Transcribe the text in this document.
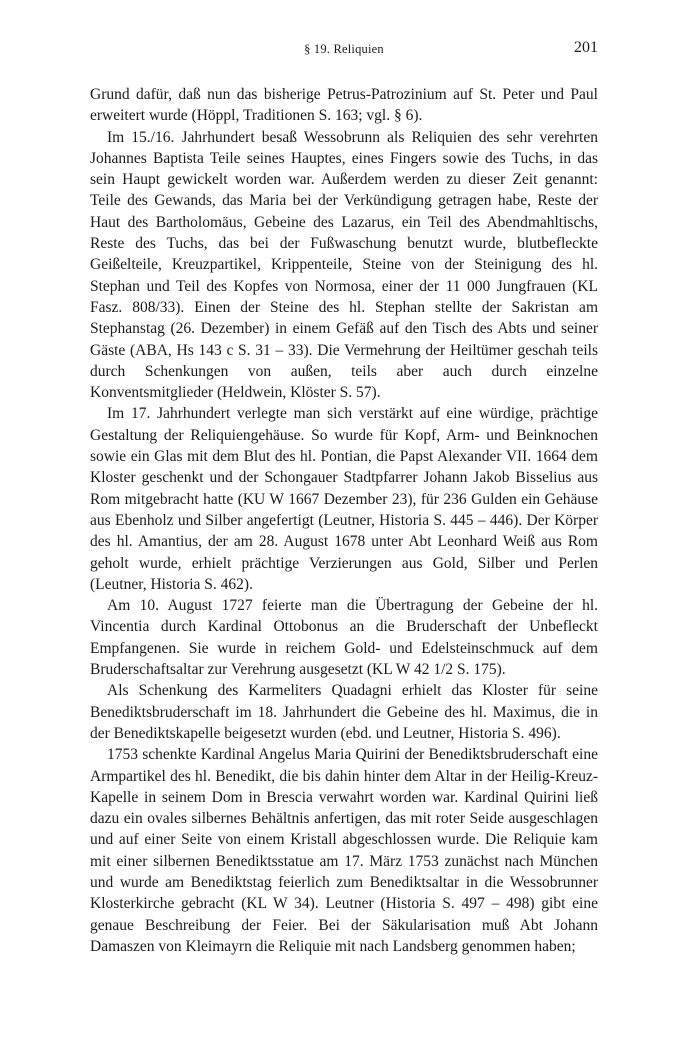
§ 19. Reliquien	201

Grund dafür, daß nun das bisherige Petrus-Patrozinium auf St. Peter und Paul erweitert wurde (Höppl, Traditionen S. 163; vgl. § 6).

Im 15./16. Jahrhundert besaß Wessobrunn als Reliquien des sehr verehrten Johannes Baptista Teile seines Hauptes, eines Fingers sowie des Tuchs, in das sein Haupt gewickelt worden war. Außerdem werden zu dieser Zeit genannt: Teile des Gewands, das Maria bei der Verkündigung getragen habe, Reste der Haut des Bartholomäus, Gebeine des Lazarus, ein Teil des Abendmahltischs, Reste des Tuchs, das bei der Fußwaschung benutzt wurde, blutbefleckte Geißelteile, Kreuzpartikel, Krippenteile, Steine von der Steinigung des hl. Stephan und Teil des Kopfes von Normosa, einer der 11 000 Jungfrauen (KL Fasz. 808/33). Einen der Steine des hl. Stephan stellte der Sakristan am Stephanstag (26. Dezember) in einem Gefäß auf den Tisch des Abts und seiner Gäste (ABA, Hs 143 c S. 31 – 33). Die Vermehrung der Heiltümer geschah teils durch Schenkungen von außen, teils aber auch durch einzelne Konventsmitglieder (Heldwein, Klöster S. 57).

Im 17. Jahrhundert verlegte man sich verstärkt auf eine würdige, prächtige Gestaltung der Reliquiengehäuse. So wurde für Kopf, Arm- und Beinknochen sowie ein Glas mit dem Blut des hl. Pontian, die Papst Alexander VII. 1664 dem Kloster geschenkt und der Schongauer Stadtpfarrer Johann Jakob Bisselius aus Rom mitgebracht hatte (KU W 1667 Dezember 23), für 236 Gulden ein Gehäuse aus Ebenholz und Silber angefertigt (Leutner, Historia S. 445 – 446). Der Körper des hl. Amantius, der am 28. August 1678 unter Abt Leonhard Weiß aus Rom geholt wurde, erhielt prächtige Verzierungen aus Gold, Silber und Perlen (Leutner, Historia S. 462).

Am 10. August 1727 feierte man die Übertragung der Gebeine der hl. Vincentia durch Kardinal Ottobonus an die Bruderschaft der Unbefleckt Empfangenen. Sie wurde in reichem Gold- und Edelsteinschmuck auf dem Bruderschaftsaltar zur Verehrung ausgesetzt (KL W 42 1/2 S. 175).

Als Schenkung des Karmeliters Quadagni erhielt das Kloster für seine Benediktsbruderschaft im 18. Jahrhundert die Gebeine des hl. Maximus, die in der Benediktskapelle beigesetzt wurden (ebd. und Leutner, Historia S. 496).

1753 schenkte Kardinal Angelus Maria Quirini der Benediktsbruderschaft eine Armpartikel des hl. Benedikt, die bis dahin hinter dem Altar in der Heilig-Kreuz-Kapelle in seinem Dom in Brescia verwahrt worden war. Kardinal Quirini ließ dazu ein ovales silbernes Behältnis anfertigen, das mit roter Seide ausgeschlagen und auf einer Seite von einem Kristall abgeschlossen wurde. Die Reliquie kam mit einer silbernen Benediktsstatue am 17. März 1753 zunächst nach München und wurde am Benediktstag feierlich zum Benediktsaltar in die Wessobrunner Klosterkirche gebracht (KL W 34). Leutner (Historia S. 497 – 498) gibt eine genaue Beschreibung der Feier. Bei der Säkularisation muß Abt Johann Damaszen von Kleimayrn die Reliquie mit nach Landsberg genommen haben;
